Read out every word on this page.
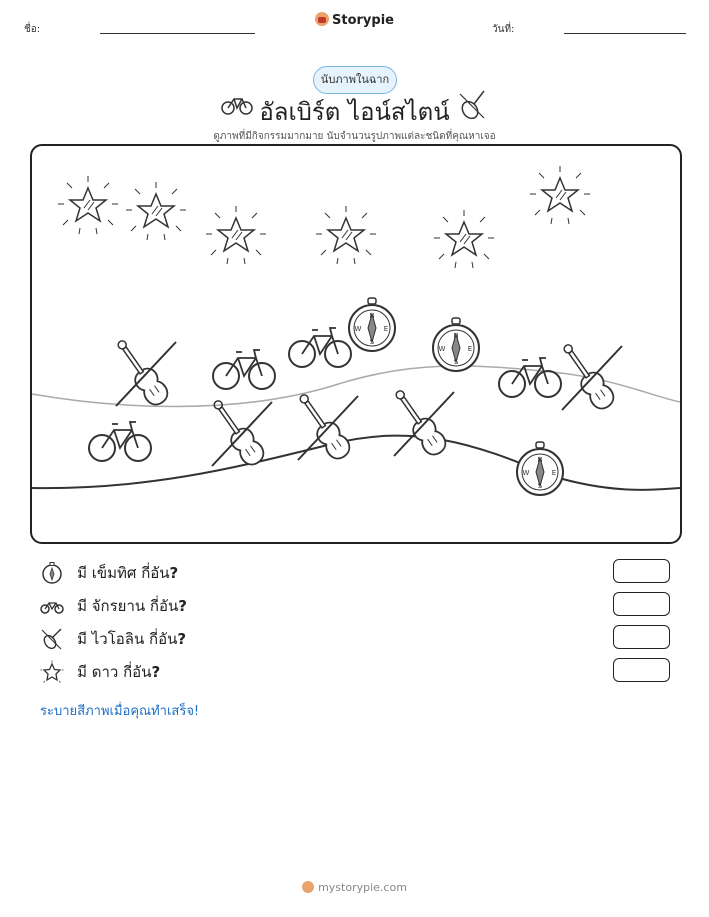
ชื่อ:
Storypie
วันที่:
นับภาพในฉาก
อัลเบิร์ต ไอน์สไตน์
ดูภาพที่มีกิจกรรมมากมาย นับจำนวนรูปภาพแต่ละชนิดที่คุณหาเจอ
N
S
W	E
มี เข็มทิศ กี่อัน?
มี จักรยาน กี่อัน?
มี ไวโอลิน กี่อัน?
มี ดาว กี่อัน?
ระบายสีภาพเมื่อคุณทำเสร็จ!
mystorypie.com
